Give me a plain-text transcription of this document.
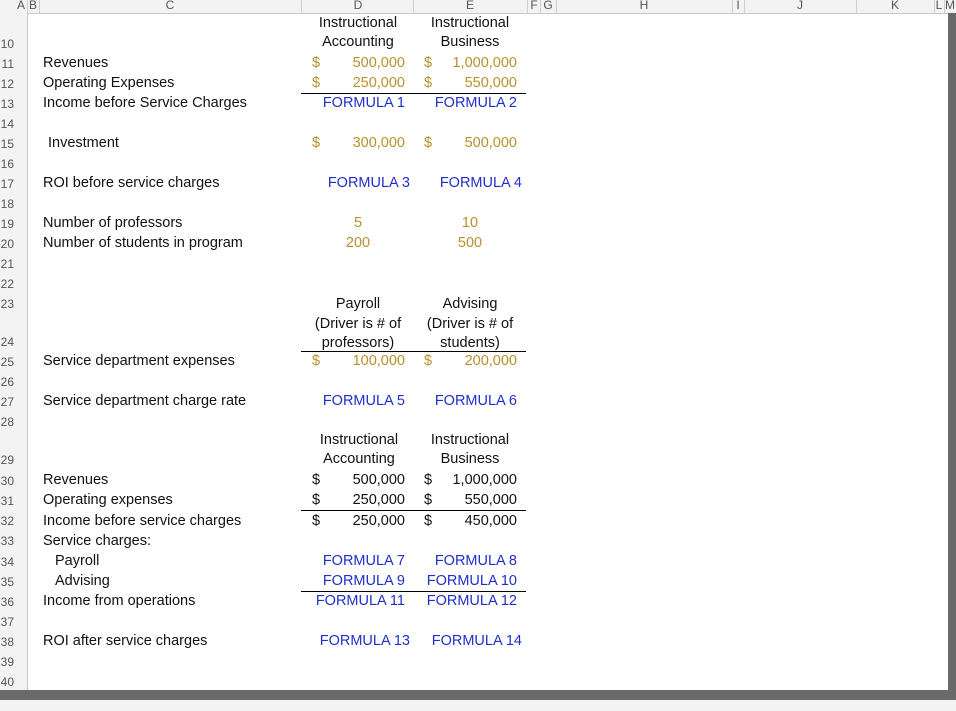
A B	C	D	E	F G	H	I	J	K	L M
10
11
12
13
14
15
16
17
18
19
20
21
22
23
24
25
26
27
28
29
30
31
32
33
34
35
36
37
38
39
40
Instructional
Accounting
Instructional
Business
Revenues	$ 500,000 $ 1,000,000
Operating Expenses	$ 250,000 $ 550,000
Income before Service Charges	FORMULA 1 FORMULA 2
Investment	$ 300,000 $ 500,000
ROI before service charges	FORMULA 3 FORMULA 4
Number of professors	5	10
Number of students in program	200	500
Payroll
(Driver is # of
professors)
Advising
(Driver is # of
students)
Service department expenses	$ 100,000 $ 200,000
Service department charge rate	FORMULA 5 FORMULA 6
Instructional
Accounting
Instructional
Business
Revenues	$ 500,000 $ 1,000,000
Operating expenses	$ 250,000 $ 550,000
Income before service charges	$ 250,000 $ 450,000
Service charges:
Payroll	FORMULA 7 FORMULA 8
Advising	FORMULA 9 FORMULA 10
Income from operations	FORMULA 11 FORMULA 12
ROI after service charges	FORMULA 13 FORMULA 14
